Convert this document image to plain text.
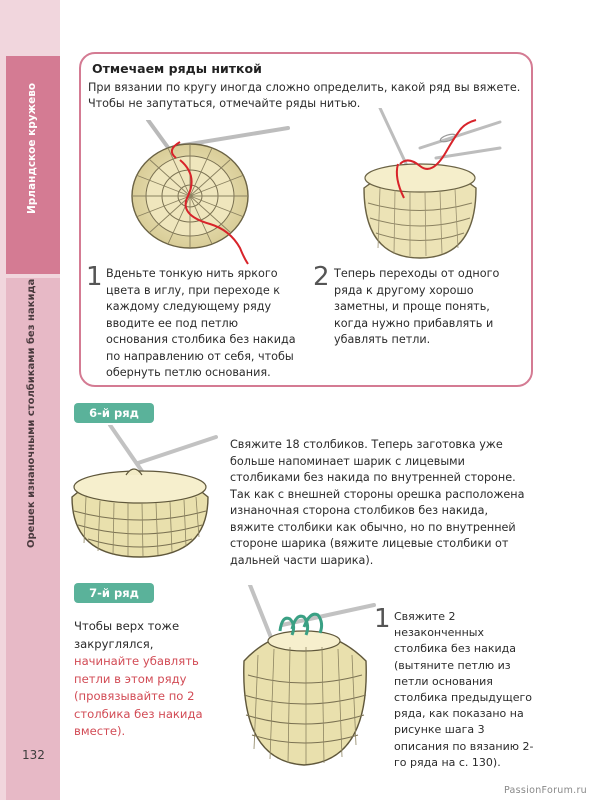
Ирландское кружево
Орешек изнаночными столбиками без накида
132
PassionForum.ru
Отмечаем ряды ниткой
При вязании по кругу иногда сложно определить, какой ряд вы вяжете. Чтобы не запутаться, отмечайте ряды нитью.
1 Вденьте тонкую нить яркого цвета в иглу, при переходе к каждому следующему ряду вводите ее под петлю основания столбика без накида по направлению от себя, чтобы обернуть петлю основания.
2 Теперь переходы от одного ряда к другому хорошо заметны, и проще понять, когда нужно прибавлять и убавлять петли.
6-й ряд
Свяжите 18 столбиков. Теперь заготовка уже больше напоминает шарик с лицевыми столбиками без накида по внутренней стороне. Так как с внешней стороны орешка расположена изнаночная сторона столбиков без накида, вяжите столбики как обычно, но по внутренней стороне шарика (вяжите лицевые столбики от дальней части шарика).
7-й ряд
Чтобы верх тоже закруглялся, начинайте убавлять петли в этом ряду (провязывайте по 2 столбика без накида вместе).
1 Свяжите 2 незаконченных столбика без накида (вытяните петлю из петли основания столбика предыдущего ряда, как показано на рисунке шага 3 описания по вязанию 2-го ряда на с. 130).
